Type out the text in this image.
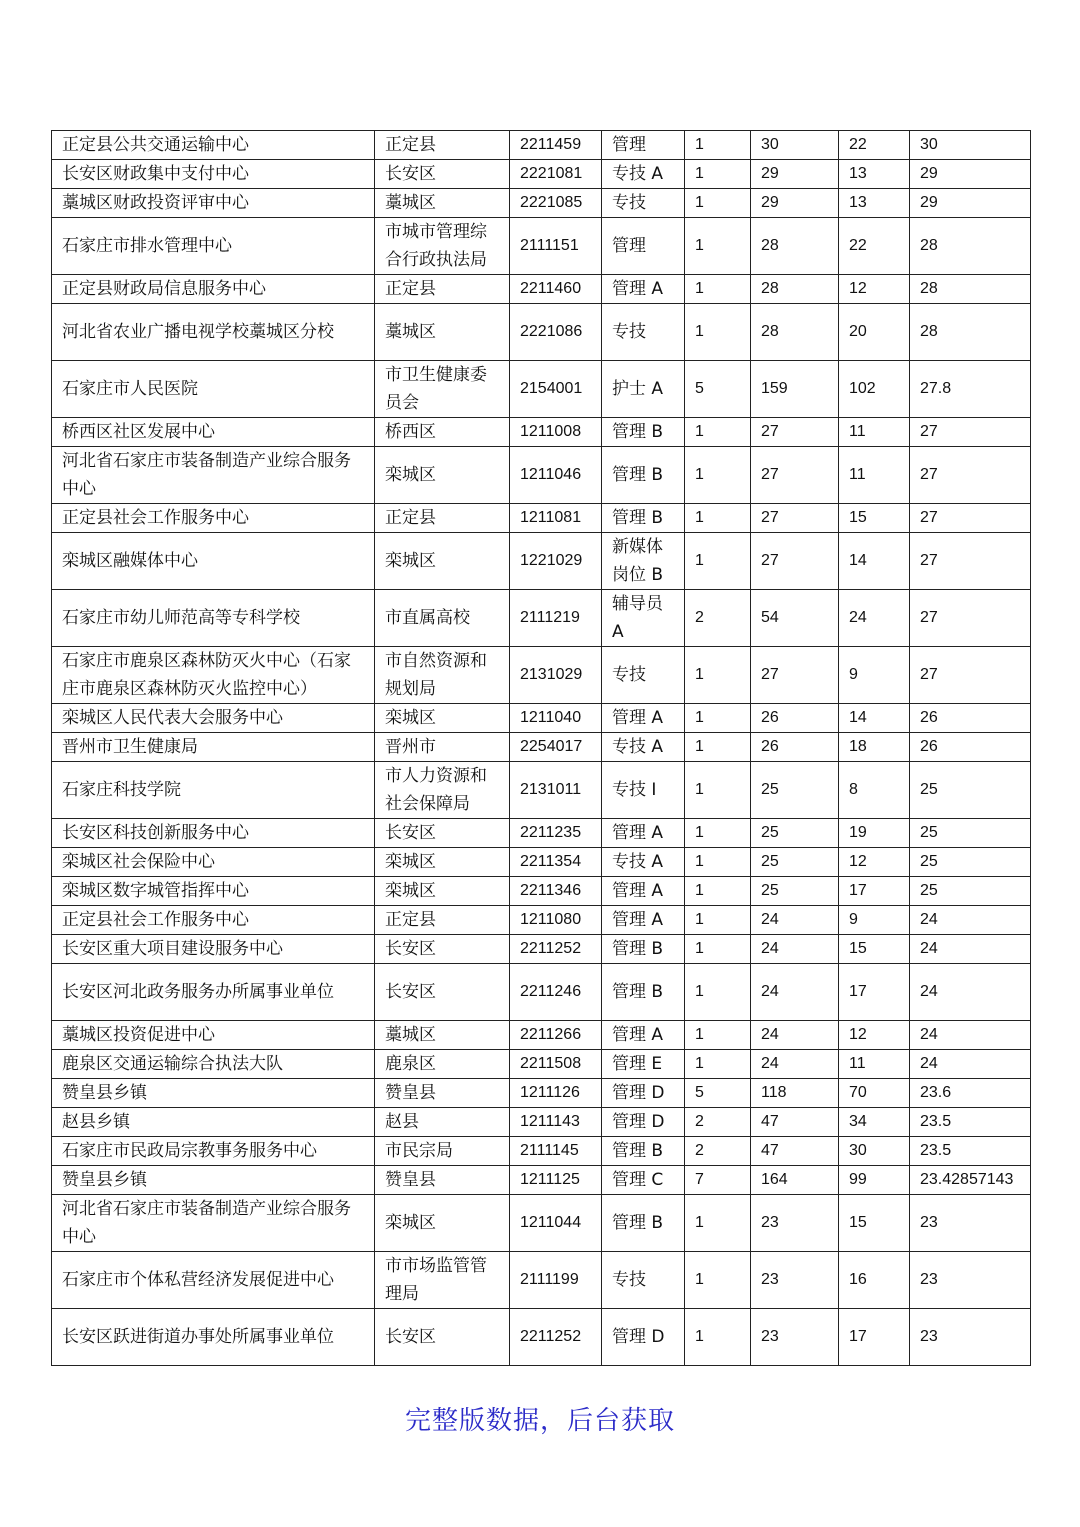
正定县公共交通运输中心	正定县	2211459	管理	1	30	22	30
长安区财政集中支付中心	长安区	2221081	专技 A	1	29	13	29
藁城区财政投资评审中心	藁城区	2221085	专技	1	29	13	29
石家庄市排水管理中心	市城市管理综合行政执法局	2111151	管理	1	28	22	28
正定县财政局信息服务中心	正定县	2211460	管理 A	1	28	12	28
河北省农业广播电视学校藁城区分校	藁城区	2221086	专技	1	28	20	28
石家庄市人民医院	市卫生健康委员会	2154001	护士 A	5	159	102	27.8
桥西区社区发展中心	桥西区	1211008	管理 B	1	27	11	27
河北省石家庄市装备制造产业综合服务中心	栾城区	1211046	管理 B	1	27	11	27
正定县社会工作服务中心	正定县	1211081	管理 B	1	27	15	27
栾城区融媒体中心	栾城区	1221029	新媒体岗位 B	1	27	14	27
石家庄市幼儿师范高等专科学校	市直属高校	2111219	辅导员 A	2	54	24	27
石家庄市鹿泉区森林防灭火中心（石家庄市鹿泉区森林防灭火监控中心）	市自然资源和规划局	2131029	专技	1	27	9	27
栾城区人民代表大会服务中心	栾城区	1211040	管理 A	1	26	14	26
晋州市卫生健康局	晋州市	2254017	专技 A	1	26	18	26
石家庄科技学院	市人力资源和社会保障局	2131011	专技 I	1	25	8	25
长安区科技创新服务中心	长安区	2211235	管理 A	1	25	19	25
栾城区社会保险中心	栾城区	2211354	专技 A	1	25	12	25
栾城区数字城管指挥中心	栾城区	2211346	管理 A	1	25	17	25
正定县社会工作服务中心	正定县	1211080	管理 A	1	24	9	24
长安区重大项目建设服务中心	长安区	2211252	管理 B	1	24	15	24
长安区河北政务服务办所属事业单位	长安区	2211246	管理 B	1	24	17	24
藁城区投资促进中心	藁城区	2211266	管理 A	1	24	12	24
鹿泉区交通运输综合执法大队	鹿泉区	2211508	管理 E	1	24	11	24
赞皇县乡镇	赞皇县	1211126	管理 D	5	118	70	23.6
赵县乡镇	赵县	1211143	管理 D	2	47	34	23.5
石家庄市民政局宗教事务服务中心	市民宗局	2111145	管理 B	2	47	30	23.5
赞皇县乡镇	赞皇县	1211125	管理 C	7	164	99	23.42857143
河北省石家庄市装备制造产业综合服务中心	栾城区	1211044	管理 B	1	23	15	23
石家庄市个体私营经济发展促进中心	市市场监管管理局	2111199	专技	1	23	16	23
长安区跃进街道办事处所属事业单位	长安区	2211252	管理 D	1	23	17	23
完整版数据，后台获取
